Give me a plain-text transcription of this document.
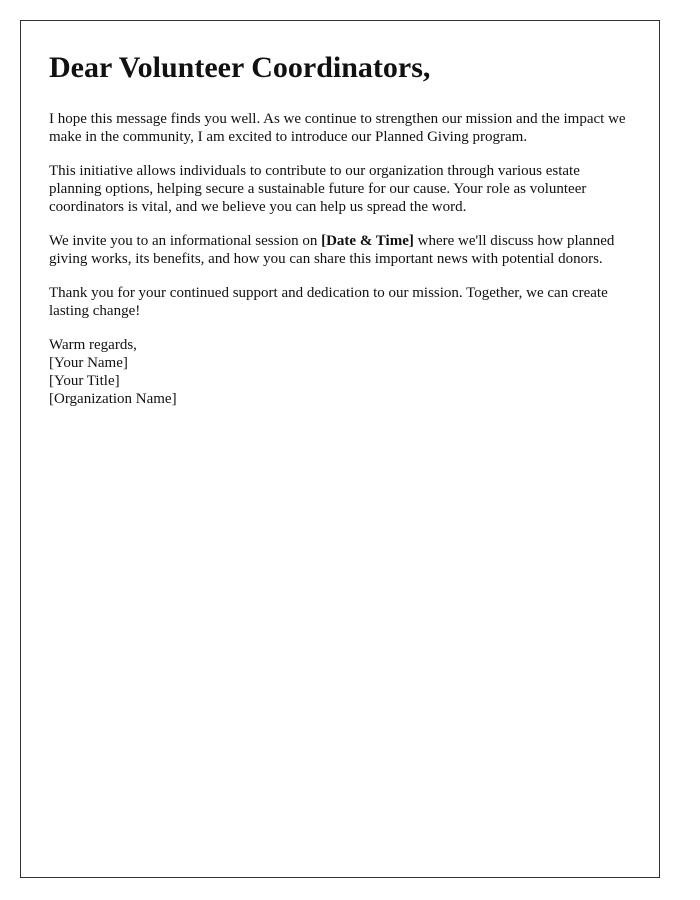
Dear Volunteer Coordinators,

I hope this message finds you well. As we continue to strengthen our mission and the impact we make in the community, I am excited to introduce our Planned Giving program.

This initiative allows individuals to contribute to our organization through various estate planning options, helping secure a sustainable future for our cause. Your role as volunteer coordinators is vital, and we believe you can help us spread the word.

We invite you to an informational session on [Date & Time] where we'll discuss how planned giving works, its benefits, and how you can share this important news with potential donors.

Thank you for your continued support and dedication to our mission. Together, we can create lasting change!

Warm regards,
[Your Name]
[Your Title]
[Organization Name]
